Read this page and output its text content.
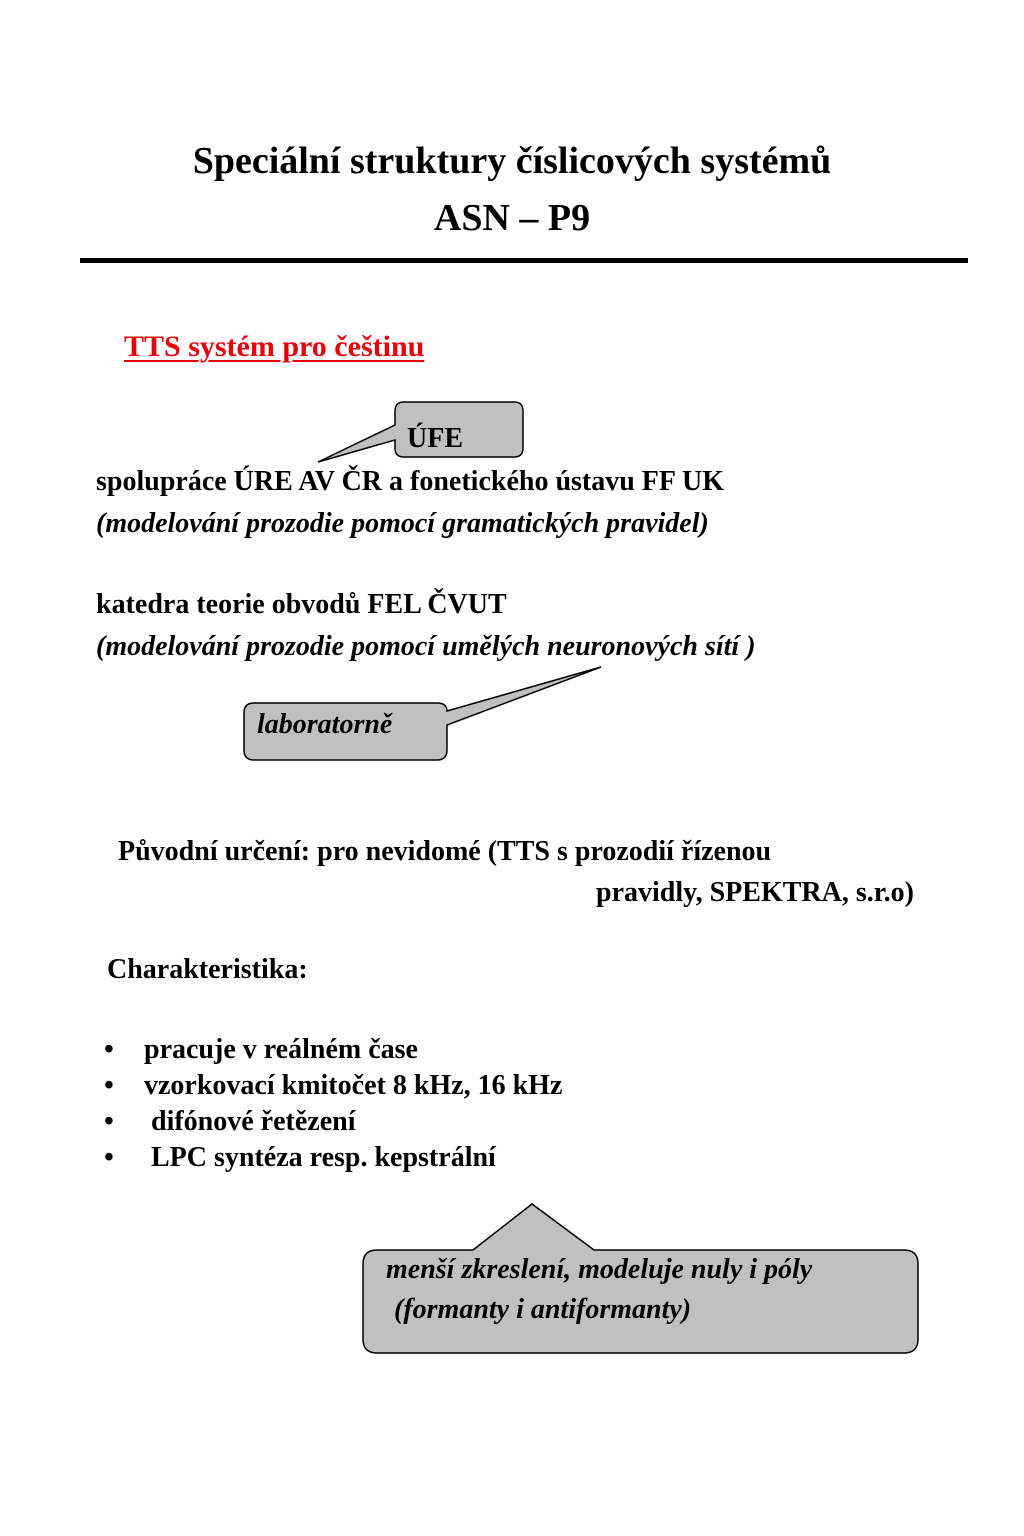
Speciální struktury číslicových systémů
ASN – P9
TTS systém pro češtinu
ÚFE
laboratorně
menší zkreslení, modeluje nuly i póly
(formanty i antiformanty)
spolupráce ÚRE AV ČR a fonetického ústavu FF UK
(modelování prozodie pomocí gramatických pravidel)
katedra teorie obvodů FEL ČVUT
(modelování prozodie pomocí umělých neuronových sítí )
Původní určení: pro nevidomé (TTS s prozodií řízenou
pravidly, SPEKTRA, s.r.o)
Charakteristika:
• pracuje v reálném čase
• vzorkovací kmitočet 8 kHz, 16 kHz
• difónové řetězení
• LPC syntéza resp. kepstrální
